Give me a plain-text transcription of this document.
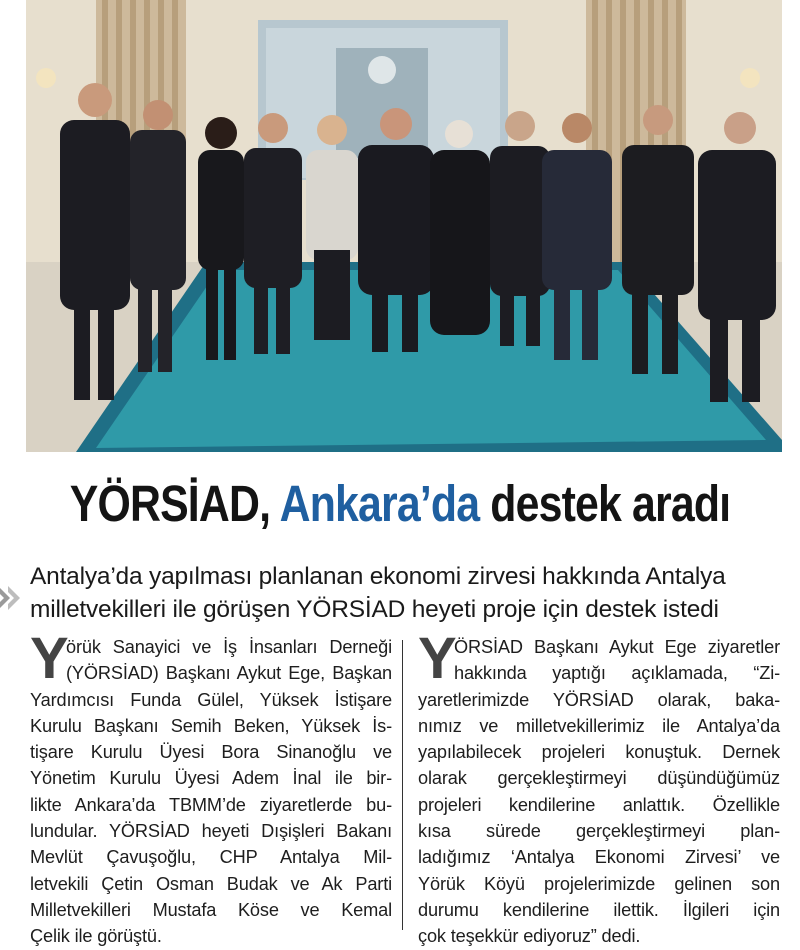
YÖRSİAD, Ankara’da destek aradı
Antalya’da yapılması planlanan ekonomi zirvesi hakkında Antalya
milletvekilleri ile görüşen YÖRSİAD heyeti proje için destek istedi
Y
örük Sanayici ve İş İnsanları Derneği
(YÖRSİAD) Başkanı Aykut Ege, Başkan
Yardımcısı Funda Gülel, Yüksek İstişare
Kurulu Başkanı Semih Beken, Yüksek İs-
tişare Kurulu Üyesi Bora Sinanoğlu ve
Yönetim Kurulu Üyesi Adem İnal ile bir-
likte Ankara’da TBMM’de ziyaretlerde bu-
lundular. YÖRSİAD heyeti Dışişleri Bakanı
Mevlüt Çavuşoğlu, CHP Antalya Mil-
letvekili Çetin Osman Budak ve Ak Parti
Milletvekilleri Mustafa Köse ve Kemal
Çelik ile görüştü.
Y
ÖRSİAD Başkanı Aykut Ege ziyaretler
hakkında yaptığı açıklamada, “Zi-
yaretlerimizde YÖRSİAD olarak, baka-
nımız ve milletvekillerimiz ile Antalya’da
yapılabilecek projeleri konuştuk. Dernek
olarak gerçekleştirmeyi düşündüğümüz
projeleri kendilerine anlattık. Özellikle
kısa süredе gerçekleştirmeyi plan-
ladığımız ‘Antalya Ekonomi Zirvesi’ ve
Yörük Köyü projelerimizde gelinen son
durumu kendilerine ilettik. İlgileri için
çok teşekkür ediyoruz” dedi.
